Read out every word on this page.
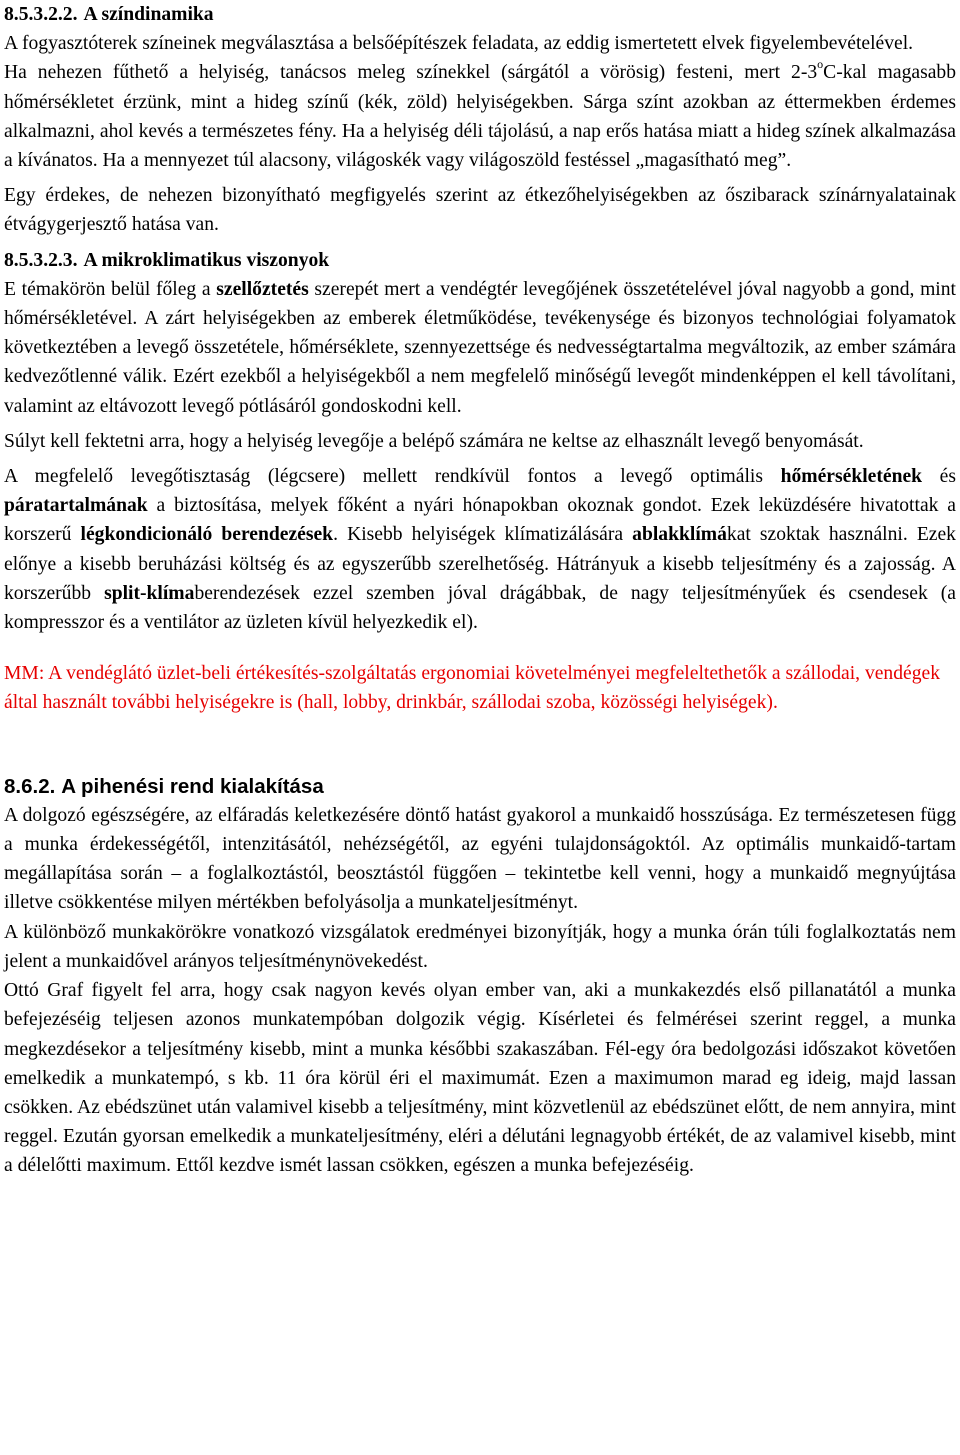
8.5.3.2.2. A színdinamika

A fogyasztóterek színeinek megválasztása a belsőépítészek feladata, az eddig ismertetett elvek figyelembevételével.

Ha nehezen fűthető a helyiség, tanácsos meleg színekkel (sárgától a vörösig) festeni, mert 2-3$^o$C-kal magasabb hőmérsékletet érzünk, mint a hideg színű (kék, zöld) helyiségekben. Sárga színt azokban az éttermekben érdemes alkalmazni, ahol kevés a természetes fény. Ha a helyiség déli tájolású, a nap erős hatása miatt a hideg színek alkalmazása a kívánatos. Ha a mennyezet túl alacsony, világoskék vagy világoszöld festéssel „magasítható meg”.

Egy érdekes, de nehezen bizonyítható megfigyelés szerint az étkezőhelyiségekben az őszibarack színárnyalatainak étvágygerjesztő hatása van.

8.5.3.2.3. A mikroklimatikus viszonyok

E témakörön belül főleg a szellőztetés szerepét mert a vendégtér levegőjének összetételével jóval nagyobb a gond, mint hőmérsékletével. A zárt helyiségekben az emberek életműködése, tevékenysége és bizonyos technológiai folyamatok következtében a levegő összetétele, hőmérséklete, szennyezettsége és nedvességtartalma megváltozik, az ember számára kedvezőtlenné válik. Ezért ezekből a helyiségekből a nem megfelelő minőségű levegőt mindenképpen el kell távolítani, valamint az eltávozott levegő pótlásáról gondoskodni kell.

Súlyt kell fektetni arra, hogy a helyiség levegője a belépő számára ne keltse az elhasznált levegő benyomását.

A megfelelő levegőtisztaság (légcsere) mellett rendkívül fontos a levegő optimális hőmérsékletének és páratartalmának a biztosítása, melyek főként a nyári hónapokban okoznak gondot. Ezek leküzdésére hivatottak a korszerű légkondicionáló berendezések. Kisebb helyiségek klímatizálására ablakklímákat szoktak használni. Ezek előnye a kisebb beruházási költség és az egyszerűbb szerelhetőség. Hátrányuk a kisebb teljesítmény és a zajosság. A korszerűbb split-klímaberendezések ezzel szemben jóval drágábbak, de nagy teljesítményűek és csendesek (a kompresszor és a ventilátor az üzleten kívül helyezkedik el).

MM: A vendéglátó üzlet-beli értékesítés-szolgáltatás ergonomiai követelményei megfeleltethetők a szállodai, vendégek által használt további helyiségekre is (hall, lobby, drinkbár, szállodai szoba, közösségi helyiségek).

8.6.2. A pihenési rend kialakítása

A dolgozó egészségére, az elfáradás keletkezésére döntő hatást gyakorol a munkaidő hosszúsága. Ez természetesen függ a munka érdekességétől, intenzitásától, nehézségétől, az egyéni tulajdonságoktól. Az optimális munkaidő-tartam megállapítása során – a foglalkoztástól, beosztástól függően – tekintetbe kell venni, hogy a munkaidő megnyújtása illetve csökkentése milyen mértékben befolyásolja a munkateljesítményt.

A különböző munkakörökre vonatkozó vizsgálatok eredményei bizonyítják, hogy a munka órán túli foglalkoztatás nem jelent a munkaidővel arányos teljesítménynövekedést.

Ottó Graf figyelt fel arra, hogy csak nagyon kevés olyan ember van, aki a munkakezdés első pillanatától a munka befejezéséig teljesen azonos munkatempóban dolgozik végig. Kísérletei és felmérései szerint reggel, a munka megkezdésekor a teljesítmény kisebb, mint a munka későbbi szakaszában. Fél-egy óra bedolgozási időszakot követően emelkedik a munkatempó, s kb. 11 óra körül éri el maximumát. Ezen a maximumon marad eg ideig, majd lassan csökken. Az ebédszünet után valamivel kisebb a teljesítmény, mint közvetlenül az ebédszünet előtt, de nem annyira, mint reggel. Ezután gyorsan emelkedik a munkateljesítmény, eléri a délutáni legnagyobb értékét, de az valamivel kisebb, mint a délelőtti maximum. Ettől kezdve ismét lassan csökken, egészen a munka befejezéséig.
